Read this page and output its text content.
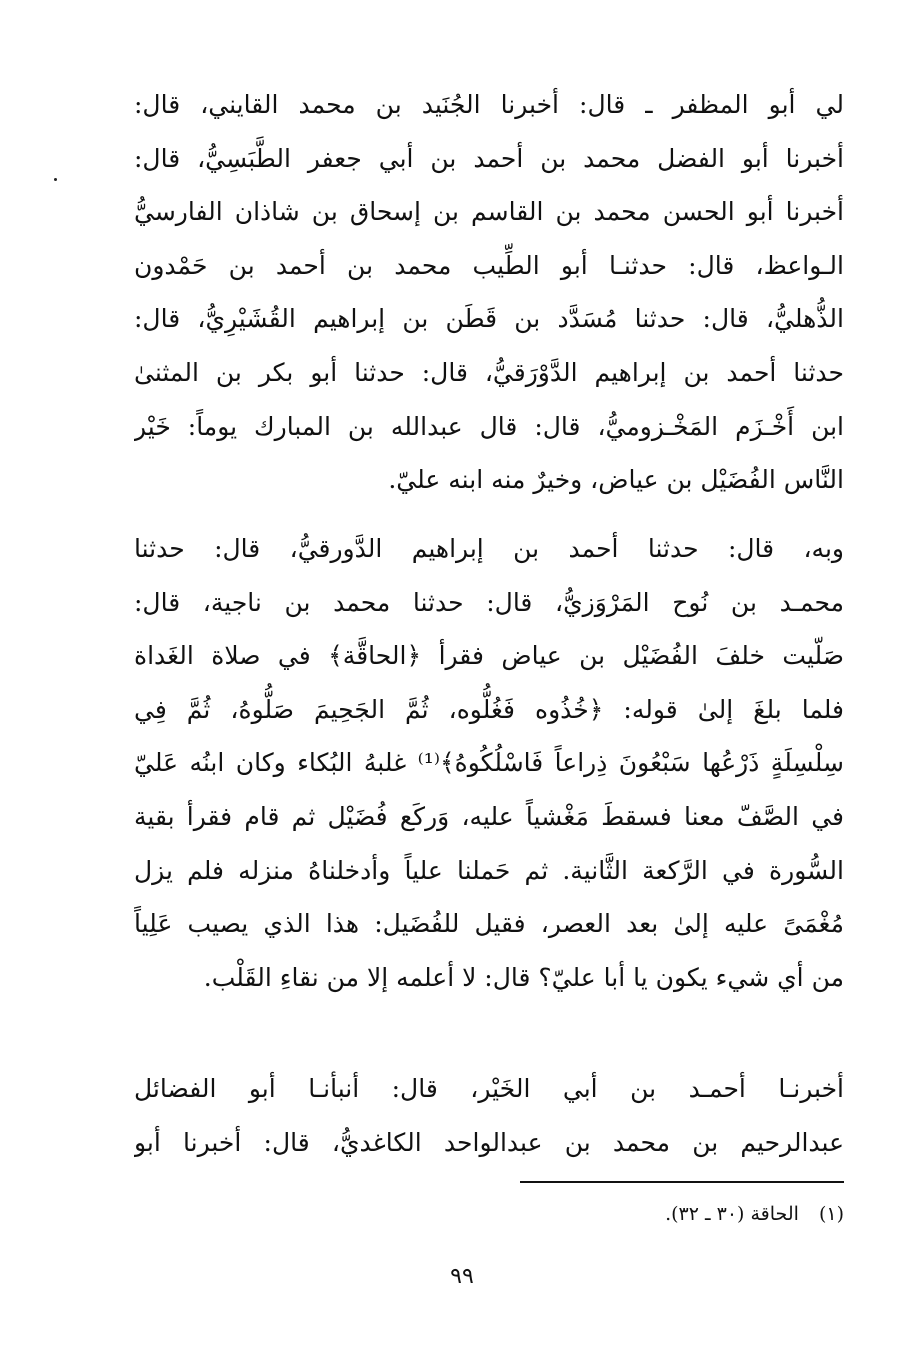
لي أبو المظفر ـ قال: أخبرنا الجُنَيد بن محمد القايني، قال:
أخبرنا أبو الفضل محمد بن أحمد بن أبي جعفر الطَّبَسِيُّ، قال:
أخبرنا أبو الحسن محمد بن القاسم بن إسحاق بن شاذان الفارسيُّ
الـواعظ، قال: حدثنـا أبو الطِّيب محمد بن أحمد بن حَمْدون
الذُّهليُّ، قال: حدثنا مُسَدَّد بن قَطَن بن إبراهيم القُشَيْرِيُّ، قال:
حدثنا أحمد بن إبراهيم الدَّوْرَقيُّ، قال: حدثنا أبو بكر بن المثنىٰ
ابن أَخْـزَم المَخْـزوميُّ، قال: قال عبدالله بن المبارك يوماً: خَيْر
النَّاس الفُضَيْل بن عياض، وخيرٌ منه ابنه عليّ.
وبه، قال: حدثنا أحمد بن إبراهيم الدَّورقيُّ، قال: حدثنا
محمـد بن نُوح المَرْوَزيُّ، قال: حدثنا محمد بن ناجية، قال:
صَلّيت خلفَ الفُضَيْل بن عياض فقرأ ﴿الحاقَّة﴾ في صلاة الغَداة
فلما بلغَ إلىٰ قوله: ﴿خُذُوه فَغُلُّوه، ثُمَّ الجَحِيمَ صَلُّوهُ، ثُمَّ فِي
سِلْسِلَةٍ ذَرْعُها سَبْعُونَ ذِراعاً فَاسْلُكُوهُ﴾⁽¹⁾ غلبهُ البُكاء وكان ابنُه عَليّ
في الصَّفّ معنا فسقطَ مَغْشياً عليه، وَركَع فُضَيْل ثم قام فقرأ بقية
السُّورة في الرَّكعة الثَّانية. ثم حَملنا علياً وأدخلناهُ منزله فلم يزل
مُغْمَىً عليه إلىٰ بعد العصر، فقيل للفُضَيل: هذا الذي يصيب عَلِياً
من أي شيء يكون يا أبا عليّ؟ قال: لا أعلمه إلا من نقاءِ القَلْب.
أخبرنـا أحمـد بن أبي الخَيْر، قال: أنبأنـا أبو الفضائل
عبدالرحيم بن محمد بن عبدالواحد الكاغديُّ، قال: أخبرنا أبو
(١) الحاقة (٣٠ ـ ٣٢).
٩٩
